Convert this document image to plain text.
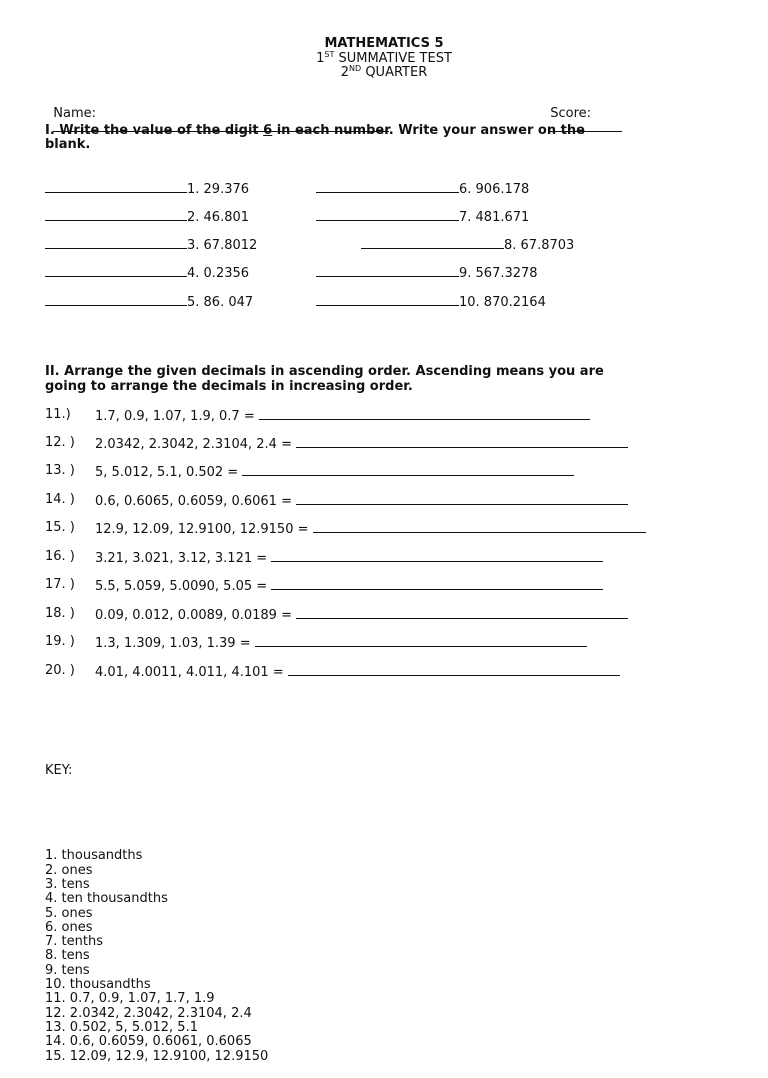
MATHEMATICS 5
1ST SUMMATIVE TEST
2ND QUARTER

Name:
	Score:

I. Write the value of the digit 6 in each number. Write your answer on the
blank.
1. 29.376
2. 46.801
3. 67.8012
4. 0.2356
5. 86. 047
6. 906.178
7. 481.671
8. 67.8703
9. 567.3278
10. 870.2164
II. Arrange the given decimals in ascending order. Ascending means you are
going to arrange the decimals in increasing order.
11.) 1.7, 0.9, 1.07, 1.9, 0.7 =
12. ) 2.0342, 2.3042, 2.3104, 2.4 =
13. ) 5, 5.012, 5.1, 0.502 =
14. ) 0.6, 0.6065, 0.6059, 0.6061 =
15. ) 12.9, 12.09, 12.9100, 12.9150 =
16. ) 3.21, 3.021, 3.12, 3.121 =
17. ) 5.5, 5.059, 5.0090, 5.05 =
18. ) 0.09, 0.012, 0.0089, 0.0189 =
19. ) 1.3, 1.309, 1.03, 1.39 =
20. ) 4.01, 4.0011, 4.011, 4.101 =

KEY:

1. thousandths
2. ones
3. tens
4. ten thousandths
5. ones
6. ones
7. tenths
8. tens
9. tens
10. thousandths
11. 0.7, 0.9, 1.07, 1.7, 1.9
12. 2.0342, 2.3042, 2.3104, 2.4
13. 0.502, 5, 5.012, 5.1
14. 0.6, 0.6059, 0.6061, 0.6065
15. 12.09, 12.9, 12.9100, 12.9150
